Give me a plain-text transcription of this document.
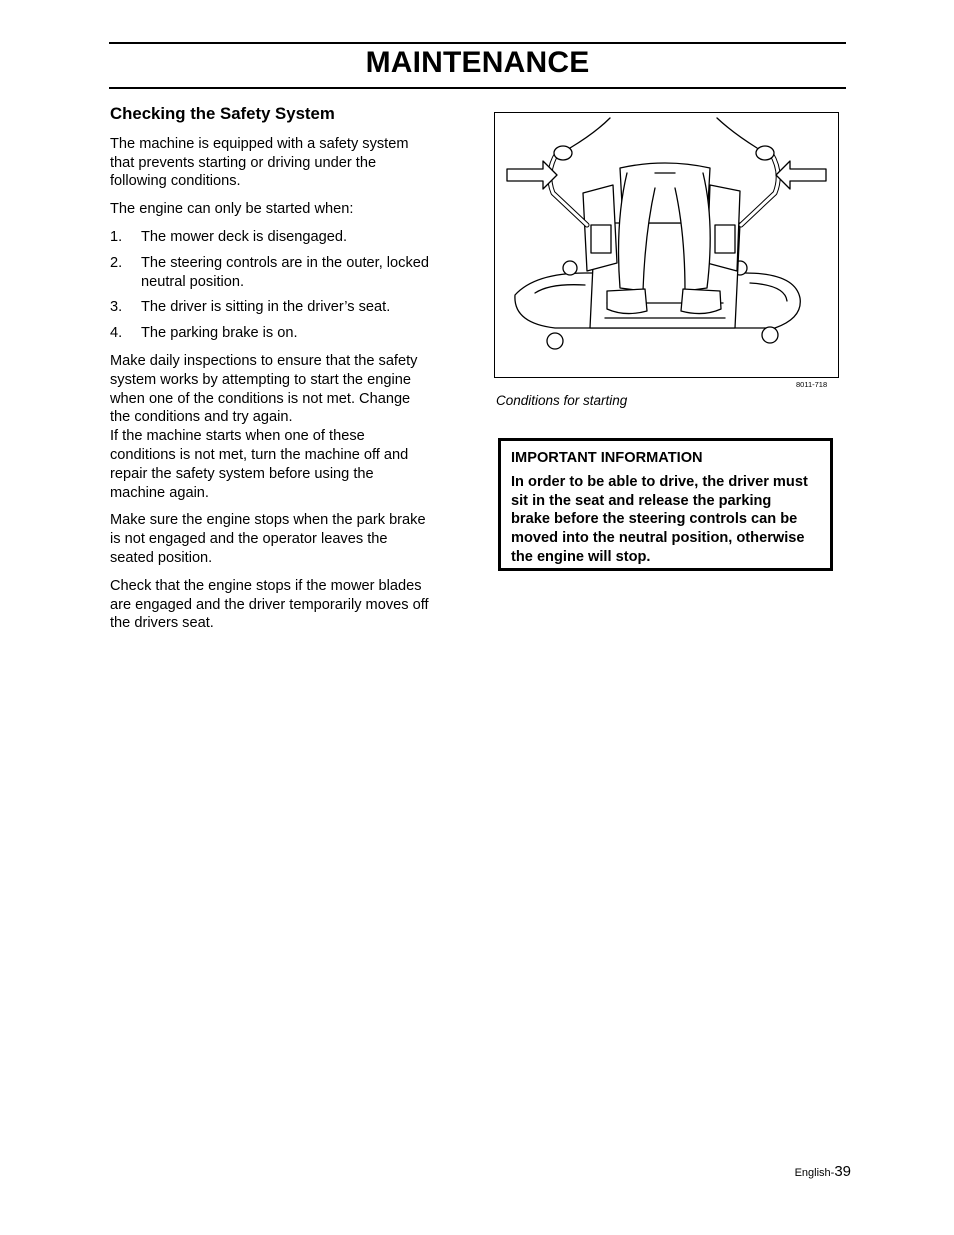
MAINTENANCE
Checking the Safety System

The machine is equipped with a safety system that prevents starting or driving under the following conditions.

The engine can only be started when:

1.	The mower deck is disengaged.
2.	The steering controls are in the outer, locked neutral position.
3.	The driver is sitting in the driver’s seat.
4.	The parking brake is on.

Make daily inspections to ensure that the safety system works by attempting to start the engine when one of the conditions is not met. Change the conditions and try again.

If the machine starts when one of these conditions is not met, turn the machine off and repair the safety system before using the machine again.

Make sure the engine stops when the park brake is not engaged and the operator leaves the seated position.

Check that the engine stops if the mower blades are engaged and the driver temporarily moves off the drivers seat.

8011-718
Conditions for starting
IMPORTANT INFORMATION
In order to be able to drive, the driver must sit in the seat and release the parking brake before the steering controls can be moved into the neutral position, otherwise the engine will stop.
English-39
